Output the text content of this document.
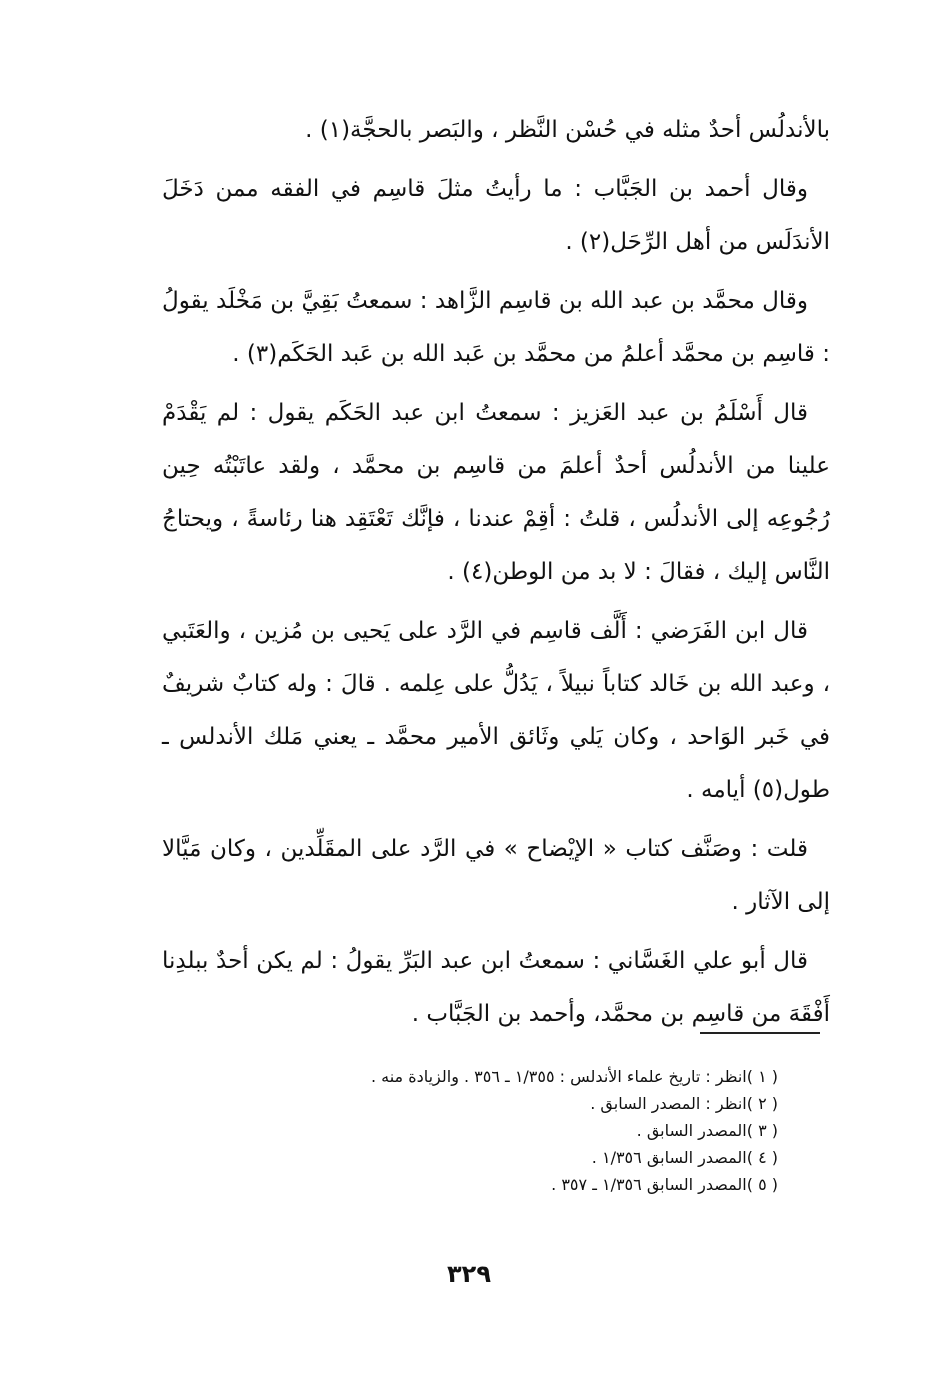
بالأندلُس أحدٌ مثله في حُسْن النَّظر ، والبَصر بالحجَّة(١) .

وقال أحمد بن الجَبَّاب : ما رأيتُ مثلَ قاسِم في الفقه ممن دَخَلَ الأندَلَس من أهل الرِّحَل(٢) .

وقال محمَّد بن عبد الله بن قاسِم الزَّاهد : سمعتُ بَقِيَّ بن مَخْلَد يقولُ : قاسِم بن محمَّد أعلمُ من محمَّد بن عَبد الله بن عَبد الحَكَم(٣) .

قال أَسْلَمُ بن عبد العَزيز : سمعتُ ابن عبد الحَكَم يقول : لم يَقْدَمْ علينا من الأندلُس أحدٌ أعلمَ من قاسِم بن محمَّد ، ولقد عاتَبْتُه حِين رُجُوعِه إلى الأندلُس ، قلتُ : أقِمْ عندنا ، فإنَّك تَعْتَقِد هنا رئاسةً ، ويحتاجُ النَّاس إليك ، فقالَ : لا بد من الوطن(٤) .

قال ابن الفَرَضي : أَلَّف قاسِم في الرَّد على يَحيى بن مُزين ، والعَتَبي ، وعبد الله بن خَالد كتاباً نبيلاً ، يَدُلُّ على عِلمه . قالَ : وله كتابٌ شريفٌ في خَبر الوَاحد ، وكان يَلي وثَائق الأمير محمَّد ـ يعني مَلك الأندلس ـ طول(٥) أيامه .

قلت : وصَنَّف كتاب « الإيْضاح » في الرَّد على المقَلِّدين ، وكان مَيَّالا إلى الآثار .

قال أبو علي الغَسَّاني : سمعتُ ابن عبد البَرِّ يقولُ : لم يكن أحدٌ ببلدِنا أَفْقَهَ من قاسِم بن محمَّد، وأحمد بن الجَبَّاب .

( ١ )انظر : تاريخ علماء الأندلس : ١/٣٥٥ ـ ٣٥٦ . والزيادة منه .
( ٢ )انظر : المصدر السابق .
( ٣ )المصدر السابق .
( ٤ )المصدر السابق ١/٣٥٦ .
( ٥ )المصدر السابق ١/٣٥٦ ـ ٣٥٧ .
٣٢٩
